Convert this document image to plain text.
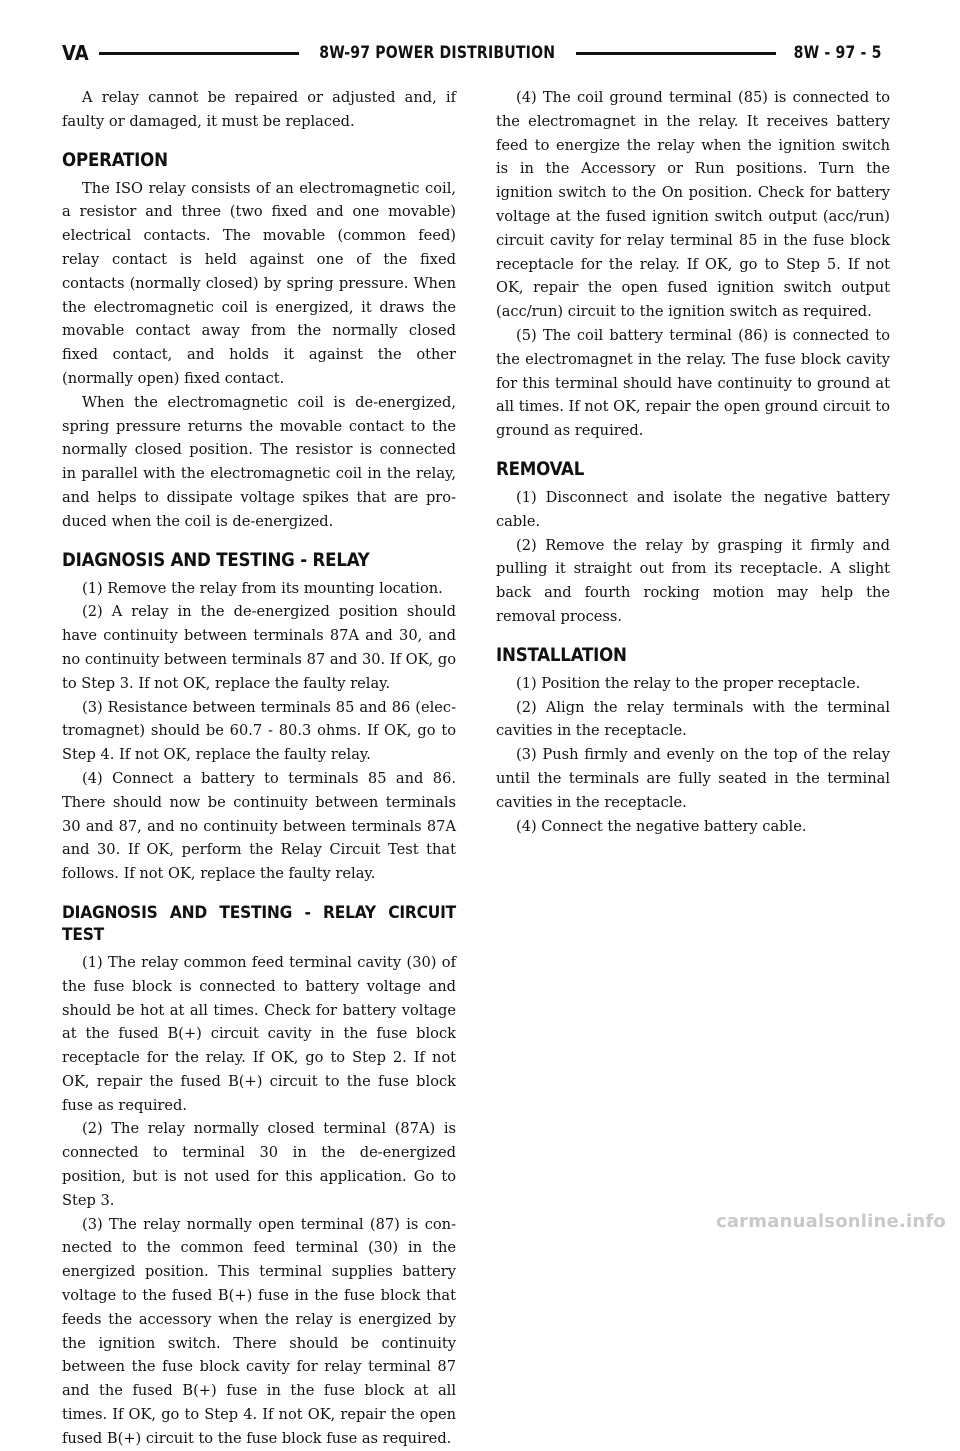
VA	8W-97 POWER DISTRIBUTION	8W - 97 - 5

A relay cannot be repaired or adjusted and, if faulty or damaged, it must be replaced.

OPERATION

The ISO relay consists of an electromagnetic coil, a resistor and three (two fixed and one movable) electrical contacts. The movable (common feed) relay contact is held against one of the fixed contacts (normally closed) by spring pressure. When the electromagnetic coil is energized, it draws the movable contact away from the normally closed fixed contact, and holds it against the other (normally open) fixed contact.

When the electromagnetic coil is de-energized, spring pressure returns the movable contact to the normally closed position. The resistor is connected in parallel with the electromagnetic coil in the relay, and helps to dissipate voltage spikes that are produced when the coil is de-energized.

DIAGNOSIS AND TESTING - RELAY

(1) Remove the relay from its mounting location.

(2) A relay in the de-energized position should have continuity between terminals 87A and 30, and no continuity between terminals 87 and 30. If OK, go to Step 3. If not OK, replace the faulty relay.

(3) Resistance between terminals 85 and 86 (electromagnet) should be 60.7 - 80.3 ohms. If OK, go to Step 4. If not OK, replace the faulty relay.

(4) Connect a battery to terminals 85 and 86. There should now be continuity between terminals 30 and 87, and no continuity between terminals 87A and 30. If OK, perform the Relay Circuit Test that follows. If not OK, replace the faulty relay.

DIAGNOSIS AND TESTING - RELAY CIRCUIT TEST

(1) The relay common feed terminal cavity (30) of the fuse block is connected to battery voltage and should be hot at all times. Check for battery voltage at the fused B(+) circuit cavity in the fuse block receptacle for the relay. If OK, go to Step 2. If not OK, repair the fused B(+) circuit to the fuse block fuse as required.

(2) The relay normally closed terminal (87A) is connected to terminal 30 in the de-energized position, but is not used for this application. Go to Step 3.

(3) The relay normally open terminal (87) is connected to the common feed terminal (30) in the energized position. This terminal supplies battery voltage to the fused B(+) fuse in the fuse block that feeds the accessory when the relay is energized by the ignition switch. There should be continuity between the fuse block cavity for relay terminal 87 and the fused B(+) fuse in the fuse block at all times. If OK, go to Step 4. If not OK, repair the open fused B(+) circuit to the fuse block fuse as required.

(4) The coil ground terminal (85) is connected to the electromagnet in the relay. It receives battery feed to energize the relay when the ignition switch is in the Accessory or Run positions. Turn the ignition switch to the On position. Check for battery voltage at the fused ignition switch output (acc/run) circuit cavity for relay terminal 85 in the fuse block receptacle for the relay. If OK, go to Step 5. If not OK, repair the open fused ignition switch output (acc/run) circuit to the ignition switch as required.

(5) The coil battery terminal (86) is connected to the electromagnet in the relay. The fuse block cavity for this terminal should have continuity to ground at all times. If not OK, repair the open ground circuit to ground as required.

REMOVAL

(1) Disconnect and isolate the negative battery cable.

(2) Remove the relay by grasping it firmly and pulling it straight out from its receptacle. A slight back and fourth rocking motion may help the removal process.

INSTALLATION

(1) Position the relay to the proper receptacle.

(2) Align the relay terminals with the terminal cavities in the receptacle.

(3) Push firmly and evenly on the top of the relay until the terminals are fully seated in the terminal cavities in the receptacle.

(4) Connect the negative battery cable.

carmanualsonline.info
